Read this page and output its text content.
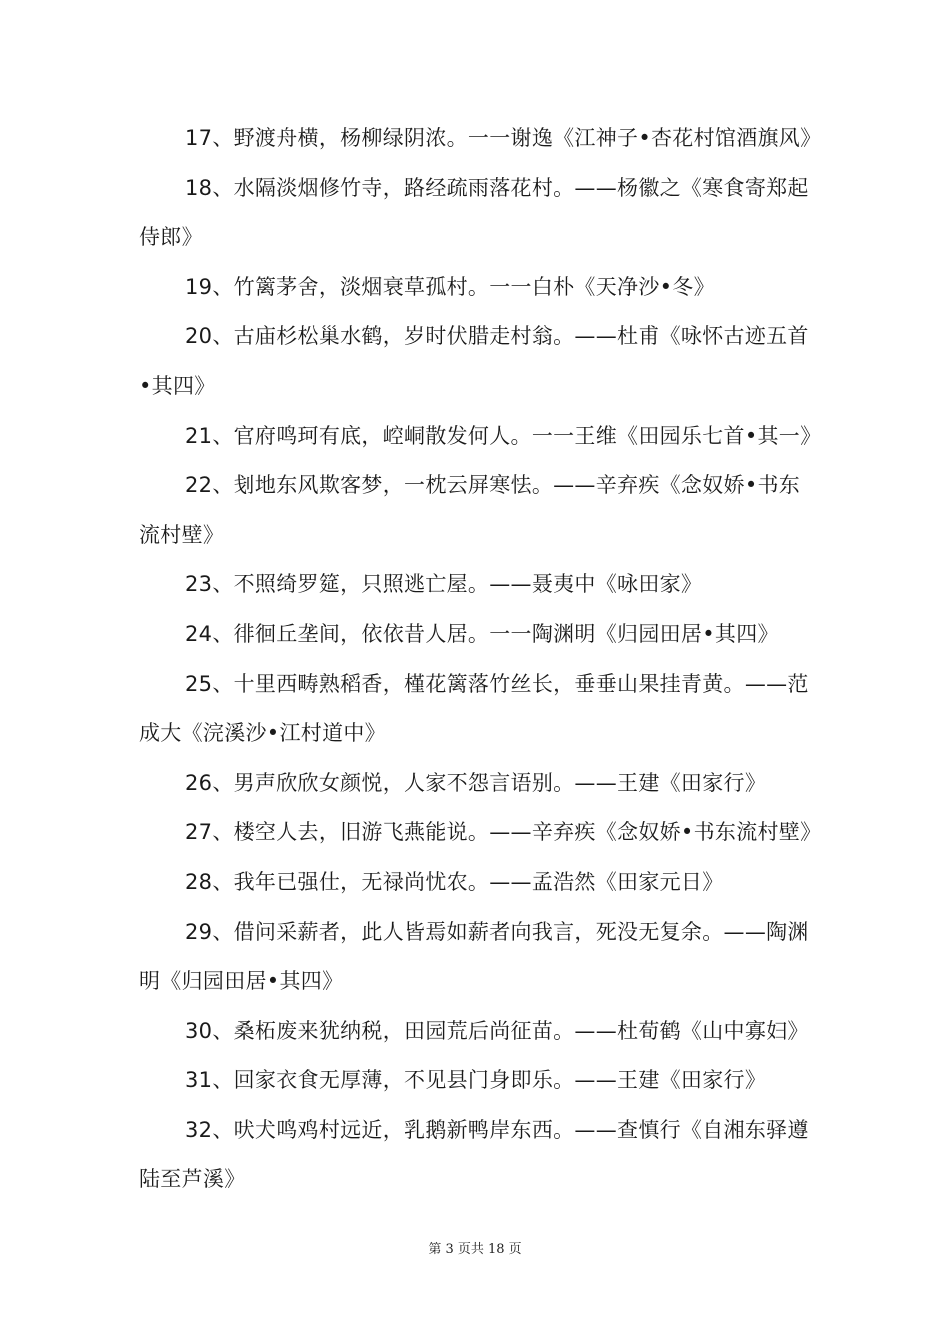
17、野渡舟横，杨柳绿阴浓。一一谢逸《江神子•杏花村馆酒旗风》

18、水隔淡烟修竹寺，路经疏雨落花村。——杨徽之《寒食寄郑起侍郎》

19、竹篱茅舍，淡烟衰草孤村。一一白朴《天净沙•冬》

20、古庙杉松巢水鹤，岁时伏腊走村翁。——杜甫《咏怀古迹五首•其四》

21、官府鸣珂有底，崆峒散发何人。一一王维《田园乐七首•其一》

22、刬地东风欺客梦，一枕云屏寒怯。——辛弃疾《念奴娇•书东流村壁》

23、不照绮罗筵，只照逃亡屋。——聂夷中《咏田家》

24、徘徊丘垄间，依依昔人居。一一陶渊明《归园田居•其四》

25、十里西畴熟稻香，槿花篱落竹丝长，垂垂山果挂青黄。——范成大《浣溪沙•江村道中》

26、男声欣欣女颜悦，人家不怨言语别。——王建《田家行》

27、楼空人去，旧游飞燕能说。——辛弃疾《念奴娇•书东流村壁》

28、我年已强仕，无禄尚忧农。——孟浩然《田家元日》

29、借问采薪者，此人皆焉如薪者向我言，死没无复余。——陶渊明《归园田居•其四》

30、桑柘废来犹纳税，田园荒后尚征苗。——杜荀鹤《山中寡妇》

31、回家衣食无厚薄，不见县门身即乐。——王建《田家行》

32、吠犬鸣鸡村远近，乳鹅新鸭岸东西。——查慎行《自湘东驿遵陆至芦溪》

第 3 页共 18 页
